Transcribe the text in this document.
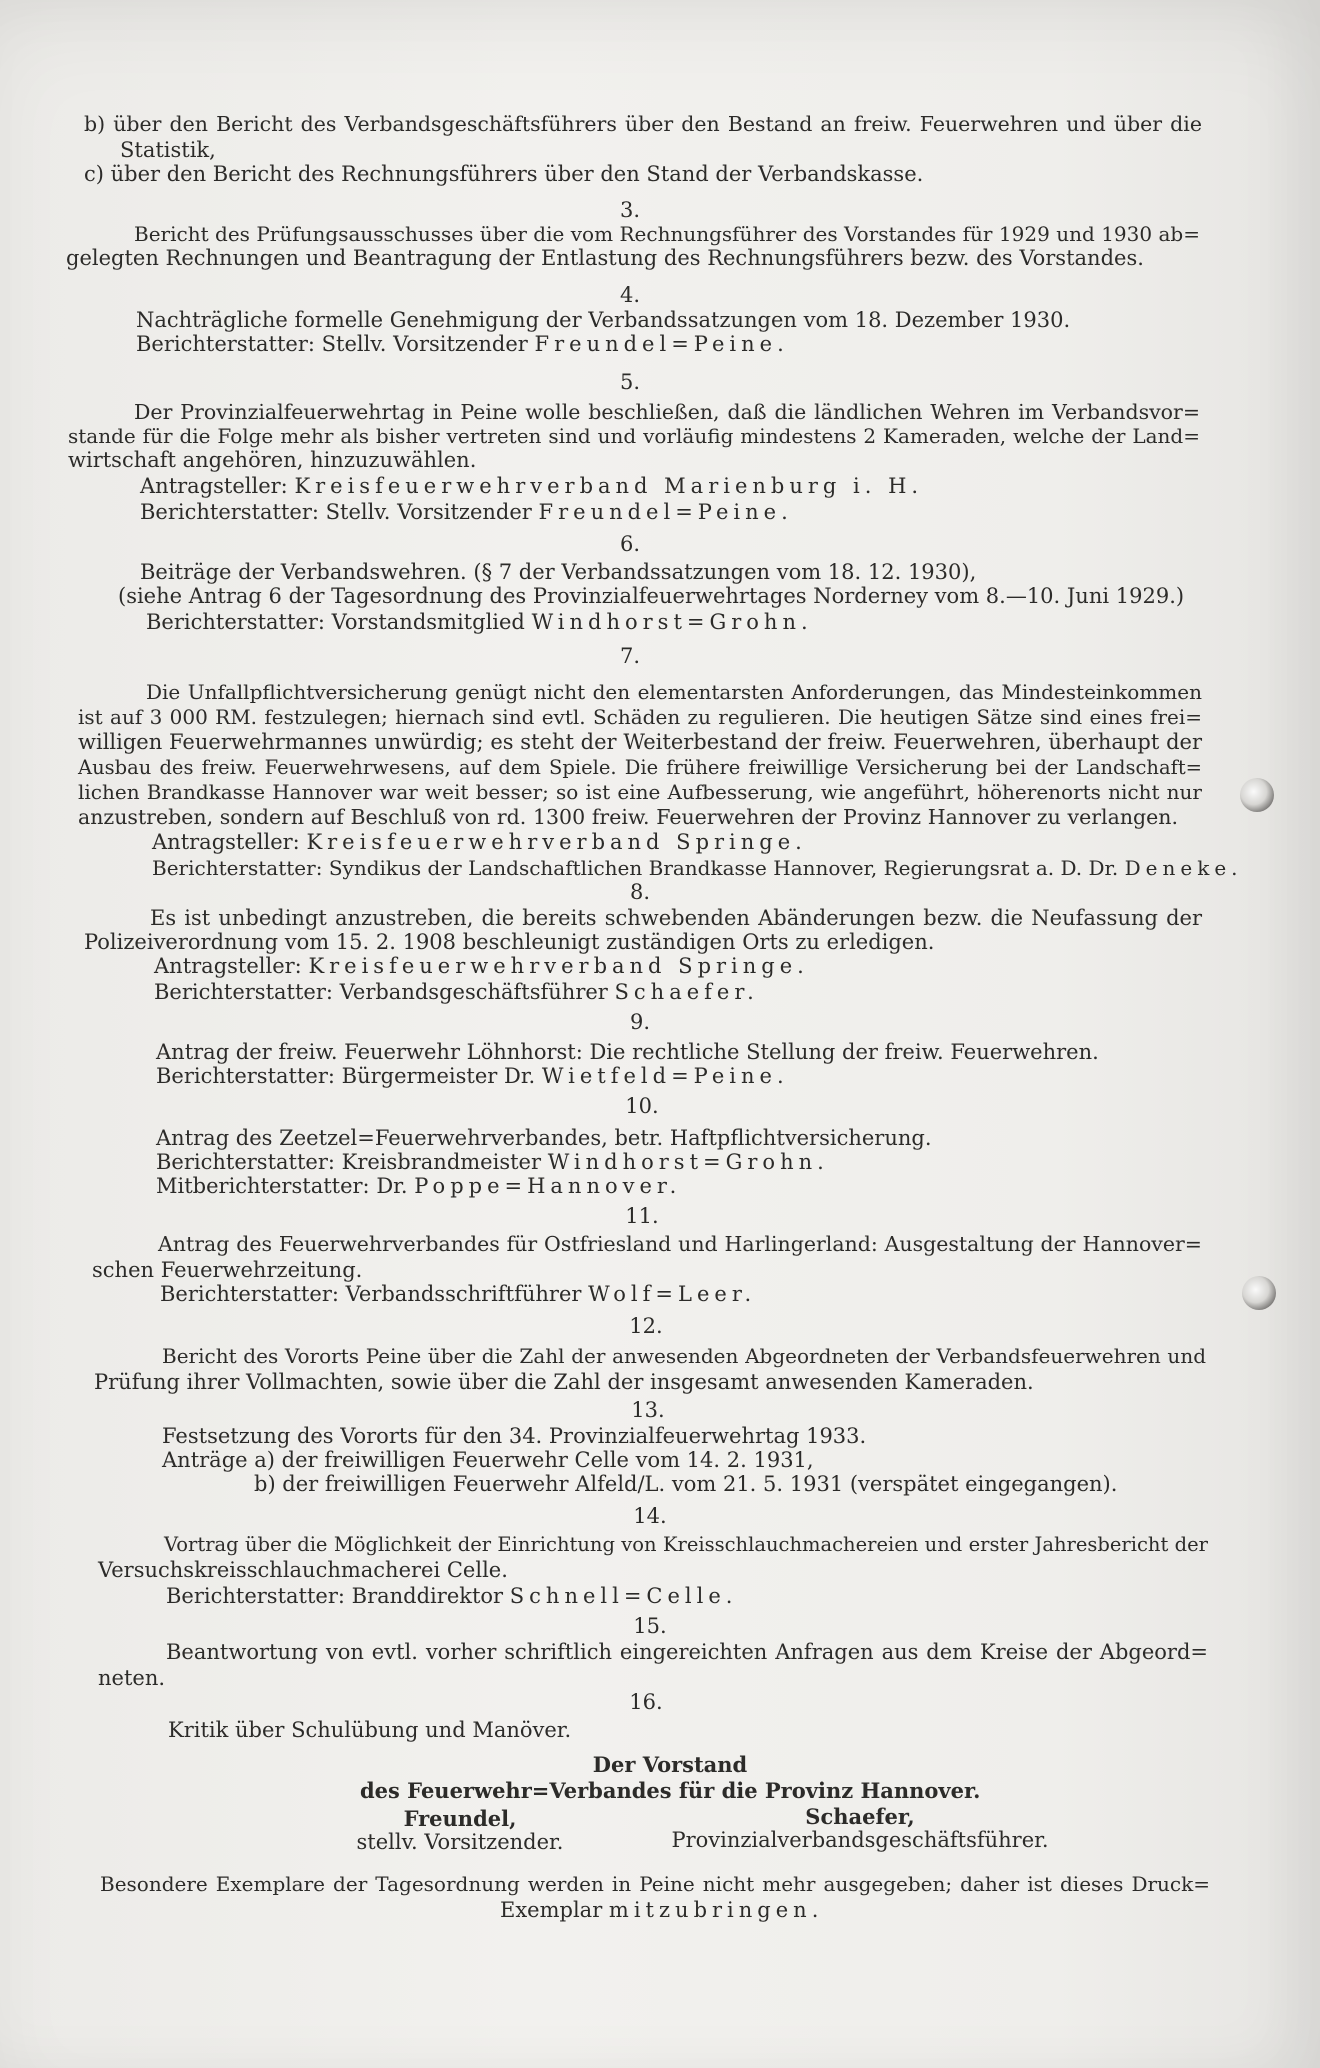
b) über den Bericht des Verbandsgeschäftsführers über den Bestand an freiw. Feuerwehren und über die
Statistik,
c) über den Bericht des Rechnungsführers über den Stand der Verbandskasse.
3.
Bericht des Prüfungsausschusses über die vom Rechnungsführer des Vorstandes für 1929 und 1930 ab=
gelegten Rechnungen und Beantragung der Entlastung des Rechnungsführers bezw. des Vorstandes.
4.
Nachträgliche formelle Genehmigung der Verbandssatzungen vom 18. Dezember 1930.
Berichterstatter: Stellv. Vorsitzender Freundel=Peine.
5.
Der Provinzialfeuerwehrtag in Peine wolle beschließen, daß die ländlichen Wehren im Verbandsvor=
stande für die Folge mehr als bisher vertreten sind und vorläufig mindestens 2 Kameraden, welche der Land=
wirtschaft angehören, hinzuzuwählen.
Antragsteller: Kreisfeuerwehrverband Marienburg i. H.
Berichterstatter: Stellv. Vorsitzender Freundel=Peine.
6.
Beiträge der Verbandswehren. (§ 7 der Verbandssatzungen vom 18. 12. 1930),
(siehe Antrag 6 der Tagesordnung des Provinzialfeuerwehrtages Norderney vom 8.—10. Juni 1929.)
Berichterstatter: Vorstandsmitglied Windhorst=Grohn.
7.
Die Unfallpflichtversicherung genügt nicht den elementarsten Anforderungen, das Mindesteinkommen
ist auf 3 000 RM. festzulegen; hiernach sind evtl. Schäden zu regulieren. Die heutigen Sätze sind eines frei=
willigen Feuerwehrmannes unwürdig; es steht der Weiterbestand der freiw. Feuerwehren, überhaupt der
Ausbau des freiw. Feuerwehrwesens, auf dem Spiele. Die frühere freiwillige Versicherung bei der Landschaft=
lichen Brandkasse Hannover war weit besser; so ist eine Aufbesserung, wie angeführt, höherenorts nicht nur
anzustreben, sondern auf Beschluß von rd. 1300 freiw. Feuerwehren der Provinz Hannover zu verlangen.
Antragsteller: Kreisfeuerwehrverband Springe.
Berichterstatter: Syndikus der Landschaftlichen Brandkasse Hannover, Regierungsrat a. D. Dr. Deneke.
8.
Es ist unbedingt anzustreben, die bereits schwebenden Abänderungen bezw. die Neufassung der
Polizeiverordnung vom 15. 2. 1908 beschleunigt zuständigen Orts zu erledigen.
Antragsteller: Kreisfeuerwehrverband Springe.
Berichterstatter: Verbandsgeschäftsführer Schaefer.
9.
Antrag der freiw. Feuerwehr Löhnhorst: Die rechtliche Stellung der freiw. Feuerwehren.
Berichterstatter: Bürgermeister Dr. Wietfeld=Peine.
10.
Antrag des Zeetzel=Feuerwehrverbandes, betr. Haftpflichtversicherung.
Berichterstatter: Kreisbrandmeister Windhorst=Grohn.
Mitberichterstatter: Dr. Poppe=Hannover.
11.
Antrag des Feuerwehrverbandes für Ostfriesland und Harlingerland: Ausgestaltung der Hannover=
schen Feuerwehrzeitung.
Berichterstatter: Verbandsschriftführer Wolf=Leer.
12.
Bericht des Vororts Peine über die Zahl der anwesenden Abgeordneten der Verbandsfeuerwehren und
Prüfung ihrer Vollmachten, sowie über die Zahl der insgesamt anwesenden Kameraden.
13.
Festsetzung des Vororts für den 34. Provinzialfeuerwehrtag 1933.
Anträge a) der freiwilligen Feuerwehr Celle vom 14. 2. 1931,
b) der freiwilligen Feuerwehr Alfeld/L. vom 21. 5. 1931 (verspätet eingegangen).
14.
Vortrag über die Möglichkeit der Einrichtung von Kreisschlauchmachereien und erster Jahresbericht der
Versuchskreisschlauchmacherei Celle.
Berichterstatter: Branddirektor Schnell=Celle.
15.
Beantwortung von evtl. vorher schriftlich eingereichten Anfragen aus dem Kreise der Abgeord=
neten.
16.
Kritik über Schulübung und Manöver.
Der Vorstand
des Feuerwehr=Verbandes für die Provinz Hannover.
Freundel,
stellv. Vorsitzender.
Schaefer,
Provinzialverbandsgeschäftsführer.
Besondere Exemplare der Tagesordnung werden in Peine nicht mehr ausgegeben; daher ist dieses Druck=
Exemplar mitzubringen.
